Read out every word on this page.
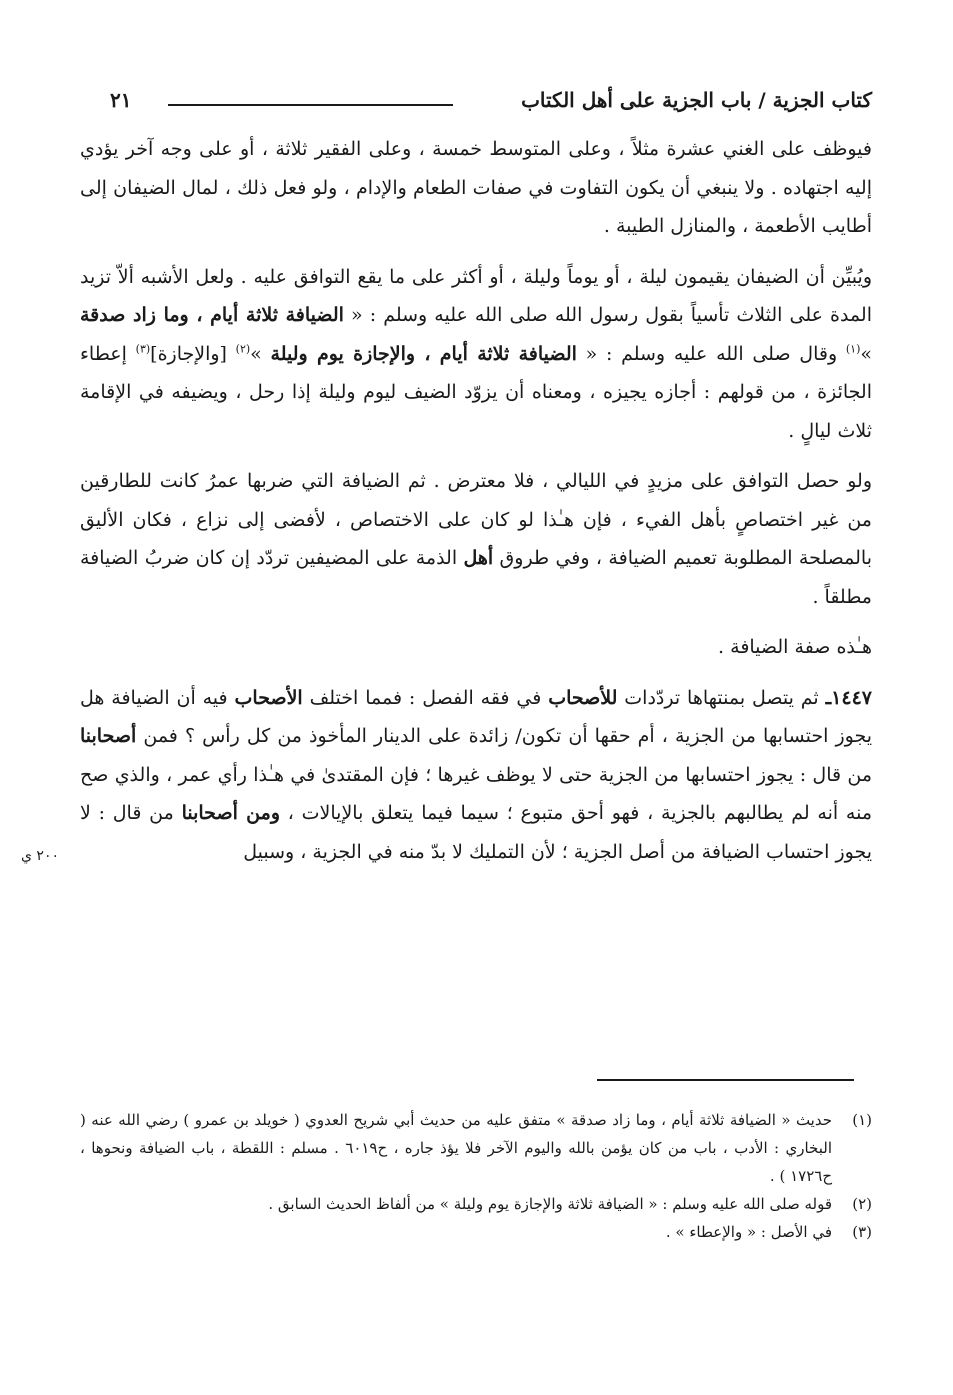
٢١	كتاب الجزية / باب الجزية على أهل الكتاب

فيوظف على الغني عشرة مثلاً ، وعلى المتوسط خمسة ، وعلى الفقير ثلاثة ، أو على وجه آخر يؤدي إليه اجتهاده . ولا ينبغي أن يكون التفاوت في صفات الطعام والإدام ، ولو فعل ذلك ، لمال الضيفان إلى أطايب الأطعمة ، والمنازل الطيبة .

ويُبيِّن أن الضيفان يقيمون ليلة ، أو يوماً وليلة ، أو أكثر على ما يقع التوافق عليه . ولعل الأشبه ألاّ تزيد المدة على الثلاث تأسياً بقول رسول الله صلى الله عليه وسلم : « الضيافة ثلاثة أيام ، وما زاد صدقة »$^{(١)}$ وقال صلى الله عليه وسلم : « الضيافة ثلاثة أيام ، والإجازة يوم وليلة »$^{(٢)}$ [والإجازة]$^{(٣)}$ إعطاء الجائزة ، من قولهم : أجازه يجيزه ، ومعناه أن يزوّد الضيف ليوم وليلة إذا رحل ، ويضيفه في الإقامة ثلاث ليالٍ .

ولو حصل التوافق على مزيدٍ في الليالي ، فلا معترض . ثم الضيافة التي ضربها عمرُ كانت للطارقين من غير اختصاصٍ بأهل الفيء ، فإن هـٰذا لو كان على الاختصاص ، لأفضى إلى نزاع ، فكان الأليق بالمصلحة المطلوبة تعميم الضيافة ، وفي طروق أهل الذمة على المضيفين تردّد إن كان ضربُ الضيافة مطلقاً .

هـٰذه صفة الضيافة .

١٤٤٧ـ ثم يتصل بمنتهاها تردّدات للأصحاب في فقه الفصل : فمما اختلف الأصحاب فيه أن الضيافة هل يجوز احتسابها من الجزية ، أم حقها أن تكون/ زائدة على الدينار المأخوذ من كل رأس ؟ فمن أصحابنا من قال : يجوز احتسابها من الجزية حتى لا يوظف غيرها ؛ فإن المقتدىٰ في هـٰذا رأي عمر ، والذي صح منه أنه لم يطالبهم بالجزية ، فهو أحق متبوع ؛ سيما فيما يتعلق بالإيالات ، ومن أصحابنا من قال : لا يجوز احتساب الضيافة من أصل الجزية ؛ لأن التمليك لا بدّ منه في الجزية ، وسبيل

٢٠٠ ي
(١)
حديث « الضيافة ثلاثة أيام ، وما زاد صدقة » متفق عليه من حديث أبي شريح العدوي ( خويلد بن عمرو ) رضي الله عنه ( البخاري : الأدب ، باب من كان يؤمن بالله واليوم الآخر فلا يؤذ جاره ، ح٦٠١٩ . مسلم : اللقطة ، باب الضيافة ونحوها ، ح١٧٢٦ ) .
(٢)
قوله صلى الله عليه وسلم : « الضيافة ثلاثة والإجازة يوم وليلة » من ألفاظ الحديث السابق .
(٣)
في الأصل : « والإعطاء » .
